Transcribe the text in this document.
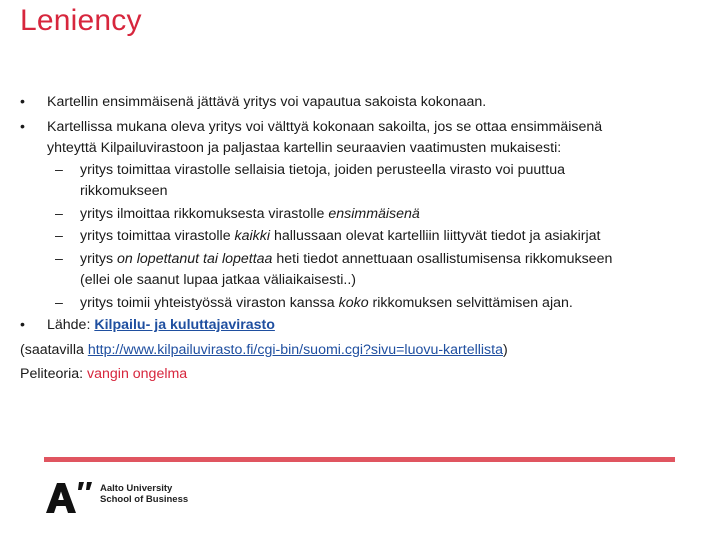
Leniency
• Kartellin ensimmäisenä jättävä yritys voi vapautua sakoista kokonaan.
• Kartellissa mukana oleva yritys voi välttyä kokonaan sakoilta, jos se ottaa ensimmäisenä
yhteyttä Kilpailuvirastoon ja paljastaa kartellin seuraavien vaatimusten mukaisesti:
– yritys toimittaa virastolle sellaisia tietoja, joiden perusteella virasto voi puuttua
rikkomukseen
– yritys ilmoittaa rikkomuksesta virastolle ensimmäisenä
– yritys toimittaa virastolle kaikki hallussaan olevat kartelliin liittyvät tiedot ja asiakirjat
– yritys on lopettanut tai lopettaa heti tiedot annettuaan osallistumisensa rikkomukseen
(ellei ole saanut lupaa jatkaa väliaikaisesti..)
– yritys toimii yhteistyössä viraston kanssa koko rikkomuksen selvittämisen ajan.
• Lähde: Kilpailu- ja kuluttajavirasto
(saatavilla http://www.kilpailuvirasto.fi/cgi-bin/suomi.cgi?sivu=luovu-kartellista)
Peliteoria: vangin ongelma
Aalto University
School of Business
